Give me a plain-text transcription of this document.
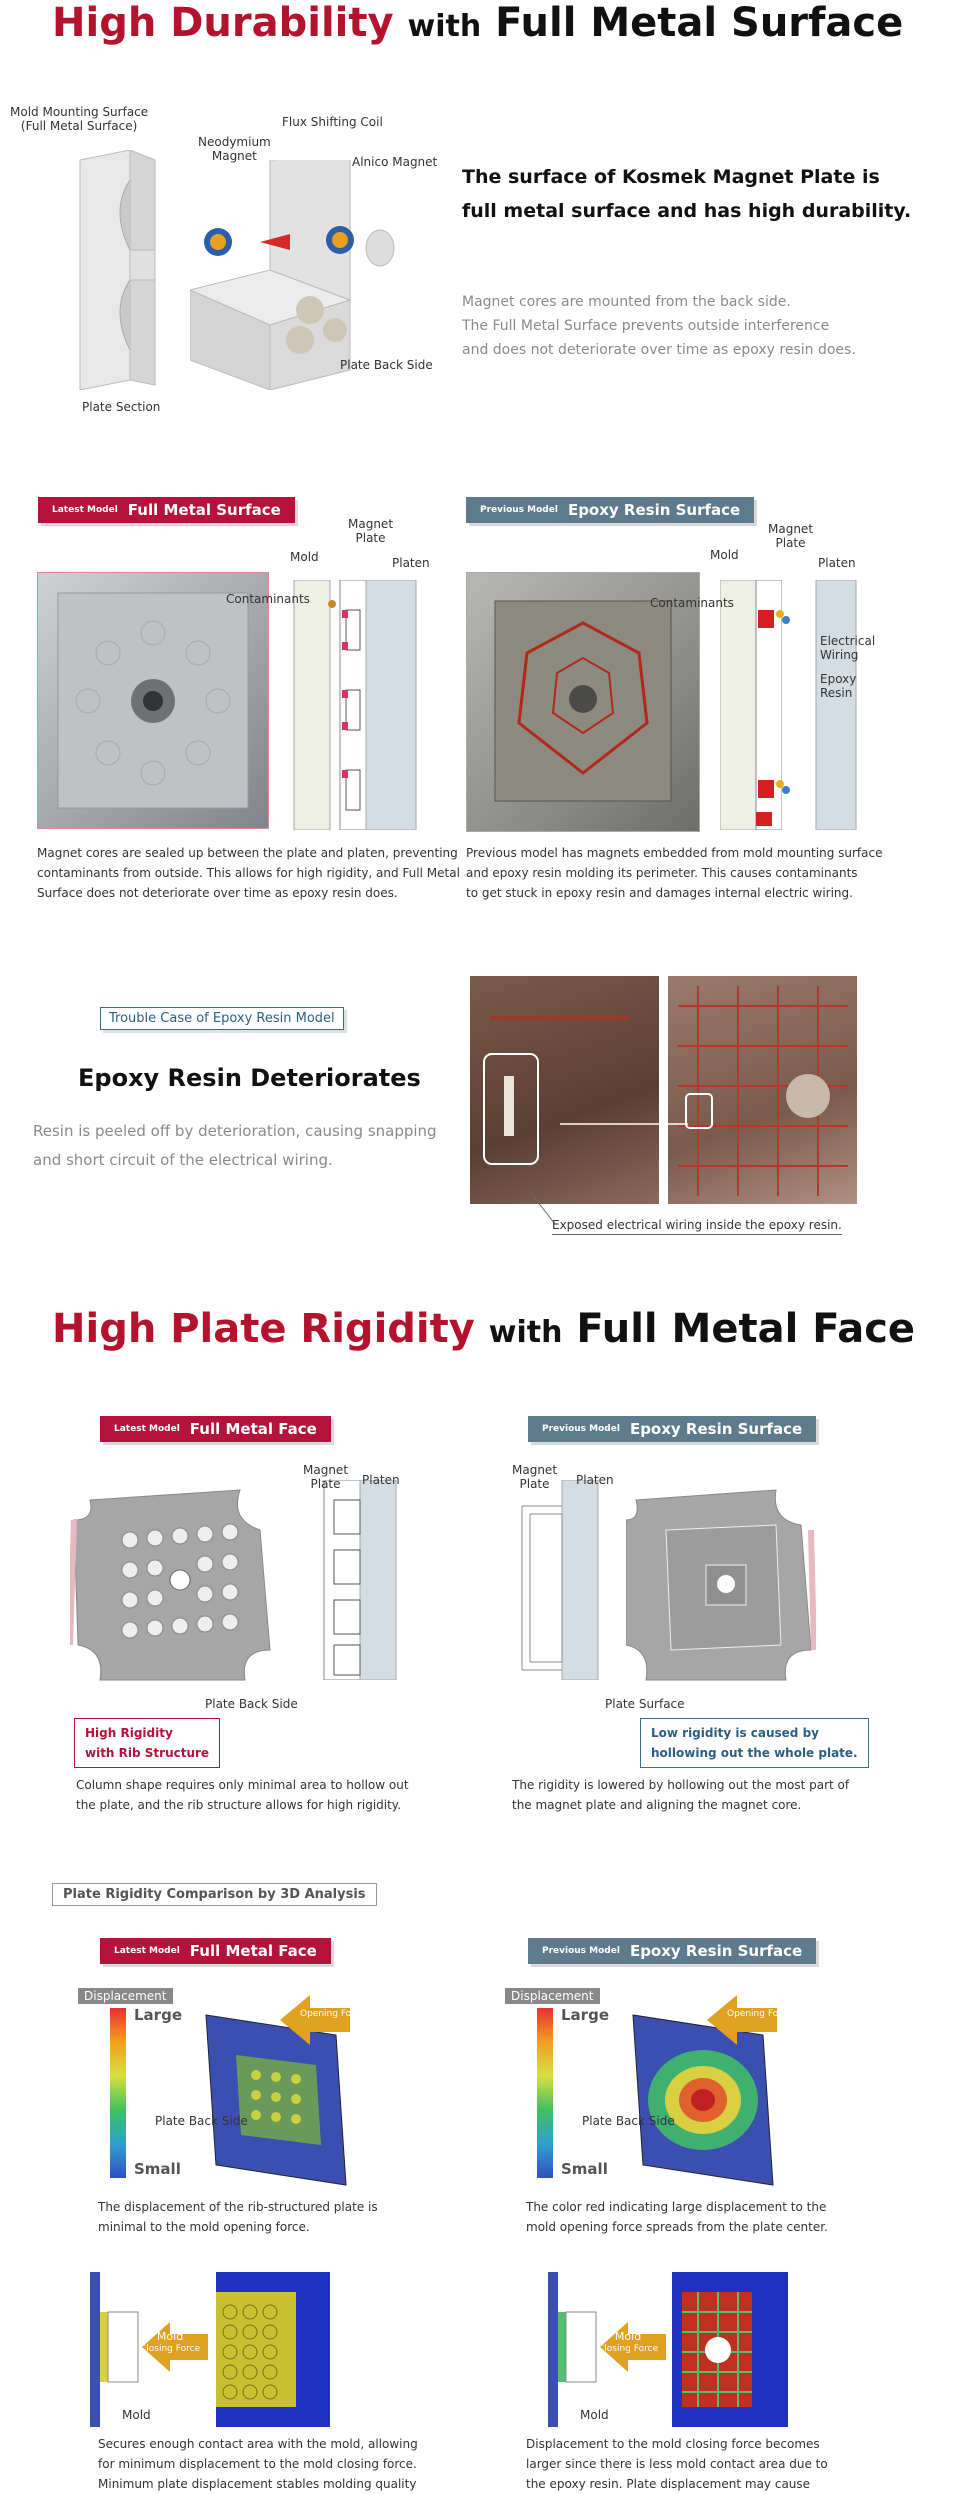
High Durability with Full Metal Surface
Mold Mounting Surface
(Full Metal Surface)
Plate Section
Flux Shifting Coil
Neodymium
Magnet	Alnico Magnet
Plate Back Side
The surface of Kosmek Magnet Plate is
full metal surface and has high durability.
Magnet cores are mounted from the back side.
The Full Metal Surface prevents outside interference
and does not deteriorate over time as epoxy resin does.
Latest Model Full Metal Surface	Previous Model Epoxy Resin Surface
Mold
Magnet
Plate
Platen
Contaminants
Mold
Magnet
Plate
Platen
Contaminants
Electrical
Wiring
Epoxy
Resin
Magnet cores are sealed up between the plate and platen, preventing
contaminants from outside. This allows for high rigidity, and Full Metal
Surface does not deteriorate over time as epoxy resin does.
Previous model has magnets embedded from mold mounting surface
and epoxy resin molding its perimeter. This causes contaminants
to get stuck in epoxy resin and damages internal electric wiring.
Trouble Case of Epoxy Resin Model
Epoxy Resin Deteriorates
Resin is peeled off by deterioration, causing snapping
and short circuit of the electrical wiring.
Exposed electrical wiring inside the epoxy resin.
High Plate Rigidity with Full Metal Face
Latest Model Full Metal Face	Previous Model Epoxy Resin Surface
Magnet
Plate	Platen
Plate Back Side
High Rigidity
with Rib Structure
Magnet
Plate	Platen
Plate Surface
Low rigidity is caused by
hollowing out the whole plate.
Column shape requires only minimal area to hollow out
the plate, and the rib structure allows for high rigidity.
The rigidity is lowered by hollowing out the most part of
the magnet plate and aligning the magnet core.
Plate Rigidity Comparison by 3D Analysis
Latest Model Full Metal Face	Previous Model Epoxy Resin Surface
Displacement
Large
Small
Mold
Opening Force
Plate Back Side
The displacement of the rib-structured plate is
minimal to the mold opening force.
Displacement
Large
Small
Mold
Opening Force
Plate Back Side
The color red indicating large displacement to the
mold opening force spreads from the plate center.
Mold
Closing Force
Mold
Mold
Closing Force
Mold
Secures enough contact area with the mold, allowing
for minimum displacement to the mold closing force.
Minimum plate displacement stables molding quality
Displacement to the mold closing force becomes
larger since there is less mold contact area due to
the epoxy resin. Plate displacement may cause
